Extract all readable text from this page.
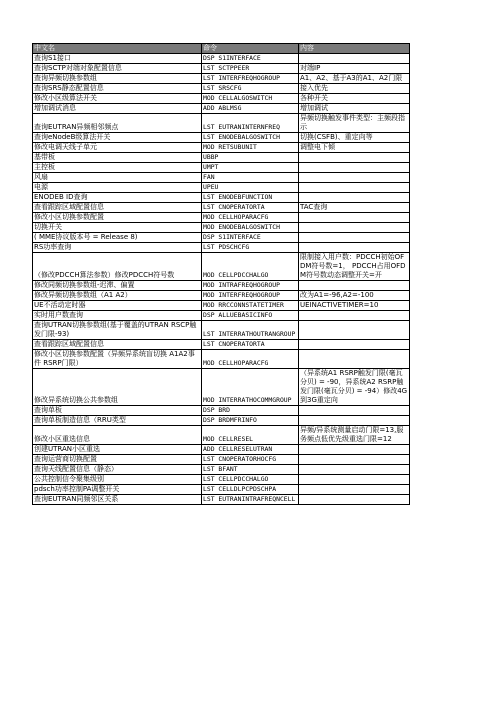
中文名	命令	内容
查询S1接口	DSP S1INTERFACE	
查询SCTP对端对象配置信息	LST SCTPPEER	对端IP
查询异频切换参数组	LST INTERFREQHOGROUP	A1、A2、基于A3的A1、A2门限
查询SRS静态配置信息	LST SRSCFG	接入优先
修改小区级算法开关	MOD CELLALGOSWITCH	各种开关
增加调试消息	ADD ABLMSG	增加调试
查询EUTRAN异频相邻频点	LST EUTRANINTERNFREQ	异频切换触发事件类型：主频段指示
查询eNodeB级算法开关	LST ENODEBALGOSWITCH	切换(CSFB)、重定向等
修改电调天线子单元	MOD RETSUBUNIT	调整电下倾
基带板	UBBP	
主控板	UMPT	
风扇	FAN	
电源	UPEU	
ENODEB ID查询	LST ENODEBFUNCTION	
查看跟踪区域配置信息	LST CNOPERATORTA	TAC查询
修改小区切换参数配置	MOD CELLHOPARACFG	
切换开关	MOD ENODEBALGOSWITCH	
( MME协议版本号 = Release 8)	DSP S1INTERFACE	
RS功率查询	LST PDSCHCFG	
（修改PDCCH算法参数）修改PDCCH符号数	MOD CELLPDCCHALGO	限制接入用户数：PDCCH初始OFDM符号数=1， PDCCH占用OFDM符号数动态调整开关=开
修改同频切换参数组-迟滞、偏置	MOD INTRAFREQHOGROUP	
修改异频切换参数组（A1 A2）	MOD INTERFREQHOGROUP	改为A1=-96,A2=-100
UE不活动定时器	MOD RRCCONNSTATETIMER	UEINACTIVETIMER=10
实时用户数查询	DSP ALLUEBASICINFO	
查询UTRAN切换参数组(基于覆盖的UTRAN RSCP触发门限-93)	LST INTERRATHOUTRANGROUP	
查看跟踪区域配置信息	LST CNOPERATORTA	
修改小区切换参数配置（异频异系统盲切换 A1A2事件 RSRP门限）	MOD CELLHOPARACFG	
修改异系统切换公共参数组	MOD INTERRATHOCOMMGROUP	（异系统A1 RSRP触发门限(毫瓦分贝) = -90，异系统A2 RSRP触发门限(毫瓦分贝) = -94）修改4G到3G重定向
查询单板	DSP BRD	
查询单板制造信息（RRU类型	DSP BRDMFRINFO	
修改小区重选信息	MOD CELLRESEL	异频/异系统测量启动门限=13,服务频点低优先级重选门限=12
创建UTRAN小区重选	ADD CELLRESELUTRAN	
查询运营商切换配置	LST CNOPERATORHOCFG	
查询天线配置信息（静态）	LST BFANT	
公共控制信令聚集级别	LST CELLPDCCHALGO	
pdsch功率控制PA调整开关	LST CELLDLPCPDSCHPA	
查询EUTRAN同频邻区关系	LST EUTRANINTRAFREQNCELL	
